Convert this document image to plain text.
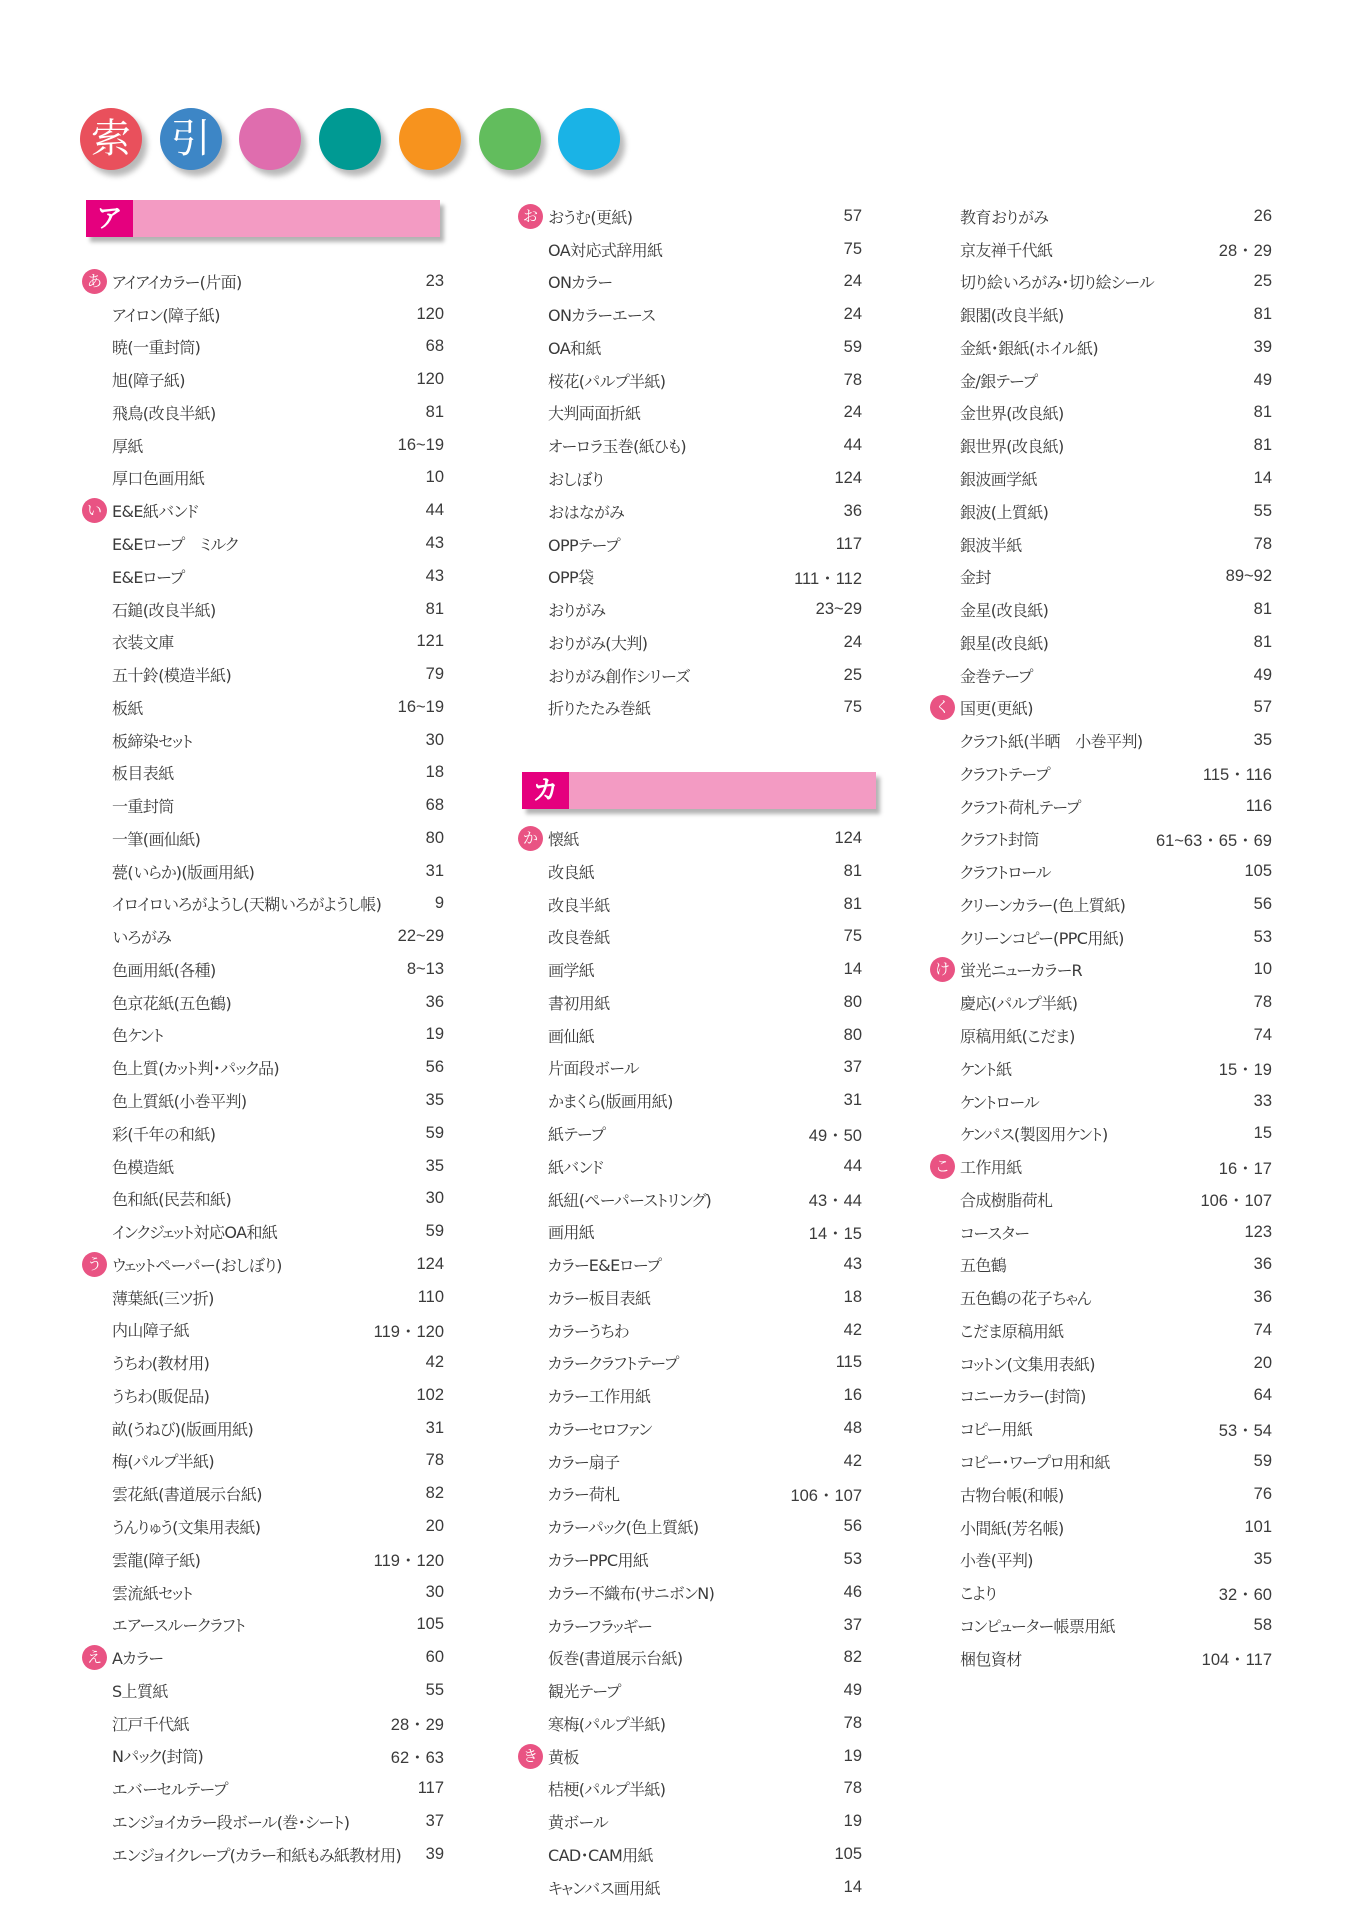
索 引
ア
あ アイアイカラー(片面)	23
アイロン(障子紙)	120
暁(一重封筒)	68
旭(障子紙)	120
飛鳥(改良半紙)	81
厚紙	16~19
厚口色画用紙	10
い E&E紙バンド	44
E&Eロープ　ミルク	43
E&Eロープ	43
石鎚(改良半紙)	81
衣装文庫	121
五十鈴(模造半紙)	79
板紙	16~19
板締染セット	30
板目表紙	18
一重封筒	68
一筆(画仙紙)	80
甍(いらか)(版画用紙)	31
イロイロいろがようし(天糊いろがようし帳)	9
いろがみ	22~29
色画用紙(各種)	8~13
色京花紙(五色鶴)	36
色ケント	19
色上質(カット判・パック品)	56
色上質紙(小巻平判)	35
彩(千年の和紙)	59
色模造紙	35
色和紙(民芸和紙)	30
インクジェット対応OA和紙	59
う ウェットペーパー(おしぼり)	124
薄葉紙(三ツ折)	110
内山障子紙	119・120
うちわ(教材用)	42
うちわ(販促品)	102
畝(うねび)(版画用紙)	31
梅(パルプ半紙)	78
雲花紙(書道展示台紙)	82
うんりゅう(文集用表紙)	20
雲龍(障子紙)	119・120
雲流紙セット	30
エアースルークラフト	105
え Aカラー	60
S上質紙	55
江戸千代紙	28・29
Nパック(封筒)	62・63
エバーセルテープ	117
エンジョイカラー段ボール(巻・シート)	37
エンジョイクレープ(カラー和紙もみ紙教材用)	39
お おうむ(更紙)	57
OA対応式辞用紙	75
ONカラー	24
ONカラーエース	24
OA和紙	59
桜花(パルプ半紙)	78
大判両面折紙	24
オーロラ玉巻(紙ひも)	44
おしぼり	124
おはながみ	36
OPPテープ	117
OPP袋	111・112
おりがみ	23~29
おりがみ(大判)	24
おりがみ創作シリーズ	25
折りたたみ巻紙	75
カ
か 懐紙	124
改良紙	81
改良半紙	81
改良巻紙	75
画学紙	14
書初用紙	80
画仙紙	80
片面段ボール	37
かまくら(版画用紙)	31
紙テープ	49・50
紙バンド	44
紙紐(ペーパーストリング)	43・44
画用紙	14・15
カラーE&Eロープ	43
カラー板目表紙	18
カラーうちわ	42
カラークラフトテープ	115
カラー工作用紙	16
カラーセロファン	48
カラー扇子	42
カラー荷札	106・107
カラーパック(色上質紙)	56
カラーPPC用紙	53
カラー不織布(サニボンN)	46
カラーフラッギー	37
仮巻(書道展示台紙)	82
観光テープ	49
寒梅(パルプ半紙)	78
き 黄板	19
桔梗(パルプ半紙)	78
黄ボール	19
CAD・CAM用紙	105
キャンバス画用紙	14
教育おりがみ	26
京友禅千代紙	28・29
切り絵いろがみ・切り絵シール	25
銀閣(改良半紙)	81
金紙・銀紙(ホイル紙)	39
金/銀テープ	49
金世界(改良紙)	81
銀世界(改良紙)	81
銀波画学紙	14
銀波(上質紙)	55
銀波半紙	78
金封	89~92
金星(改良紙)	81
銀星(改良紙)	81
金巻テープ	49
く 国更(更紙)	57
クラフト紙(半晒　小巻平判)	35
クラフトテープ	115・116
クラフト荷札テープ	116
クラフト封筒	61~63・65・69
クラフトロール	105
クリーンカラー(色上質紙)	56
クリーンコピー(PPC用紙)	53
け 蛍光ニューカラーR	10
慶応(パルプ半紙)	78
原稿用紙(こだま)	74
ケント紙	15・19
ケントロール	33
ケンパス(製図用ケント)	15
こ 工作用紙	16・17
合成樹脂荷札	106・107
コースター	123
五色鶴	36
五色鶴の花子ちゃん	36
こだま原稿用紙	74
コットン(文集用表紙)	20
コニーカラー(封筒)	64
コピー用紙	53・54
コピー・ワープロ用和紙	59
古物台帳(和帳)	76
小間紙(芳名帳)	101
小巻(平判)	35
こより	32・60
コンピューター帳票用紙	58
梱包資材	104・117
